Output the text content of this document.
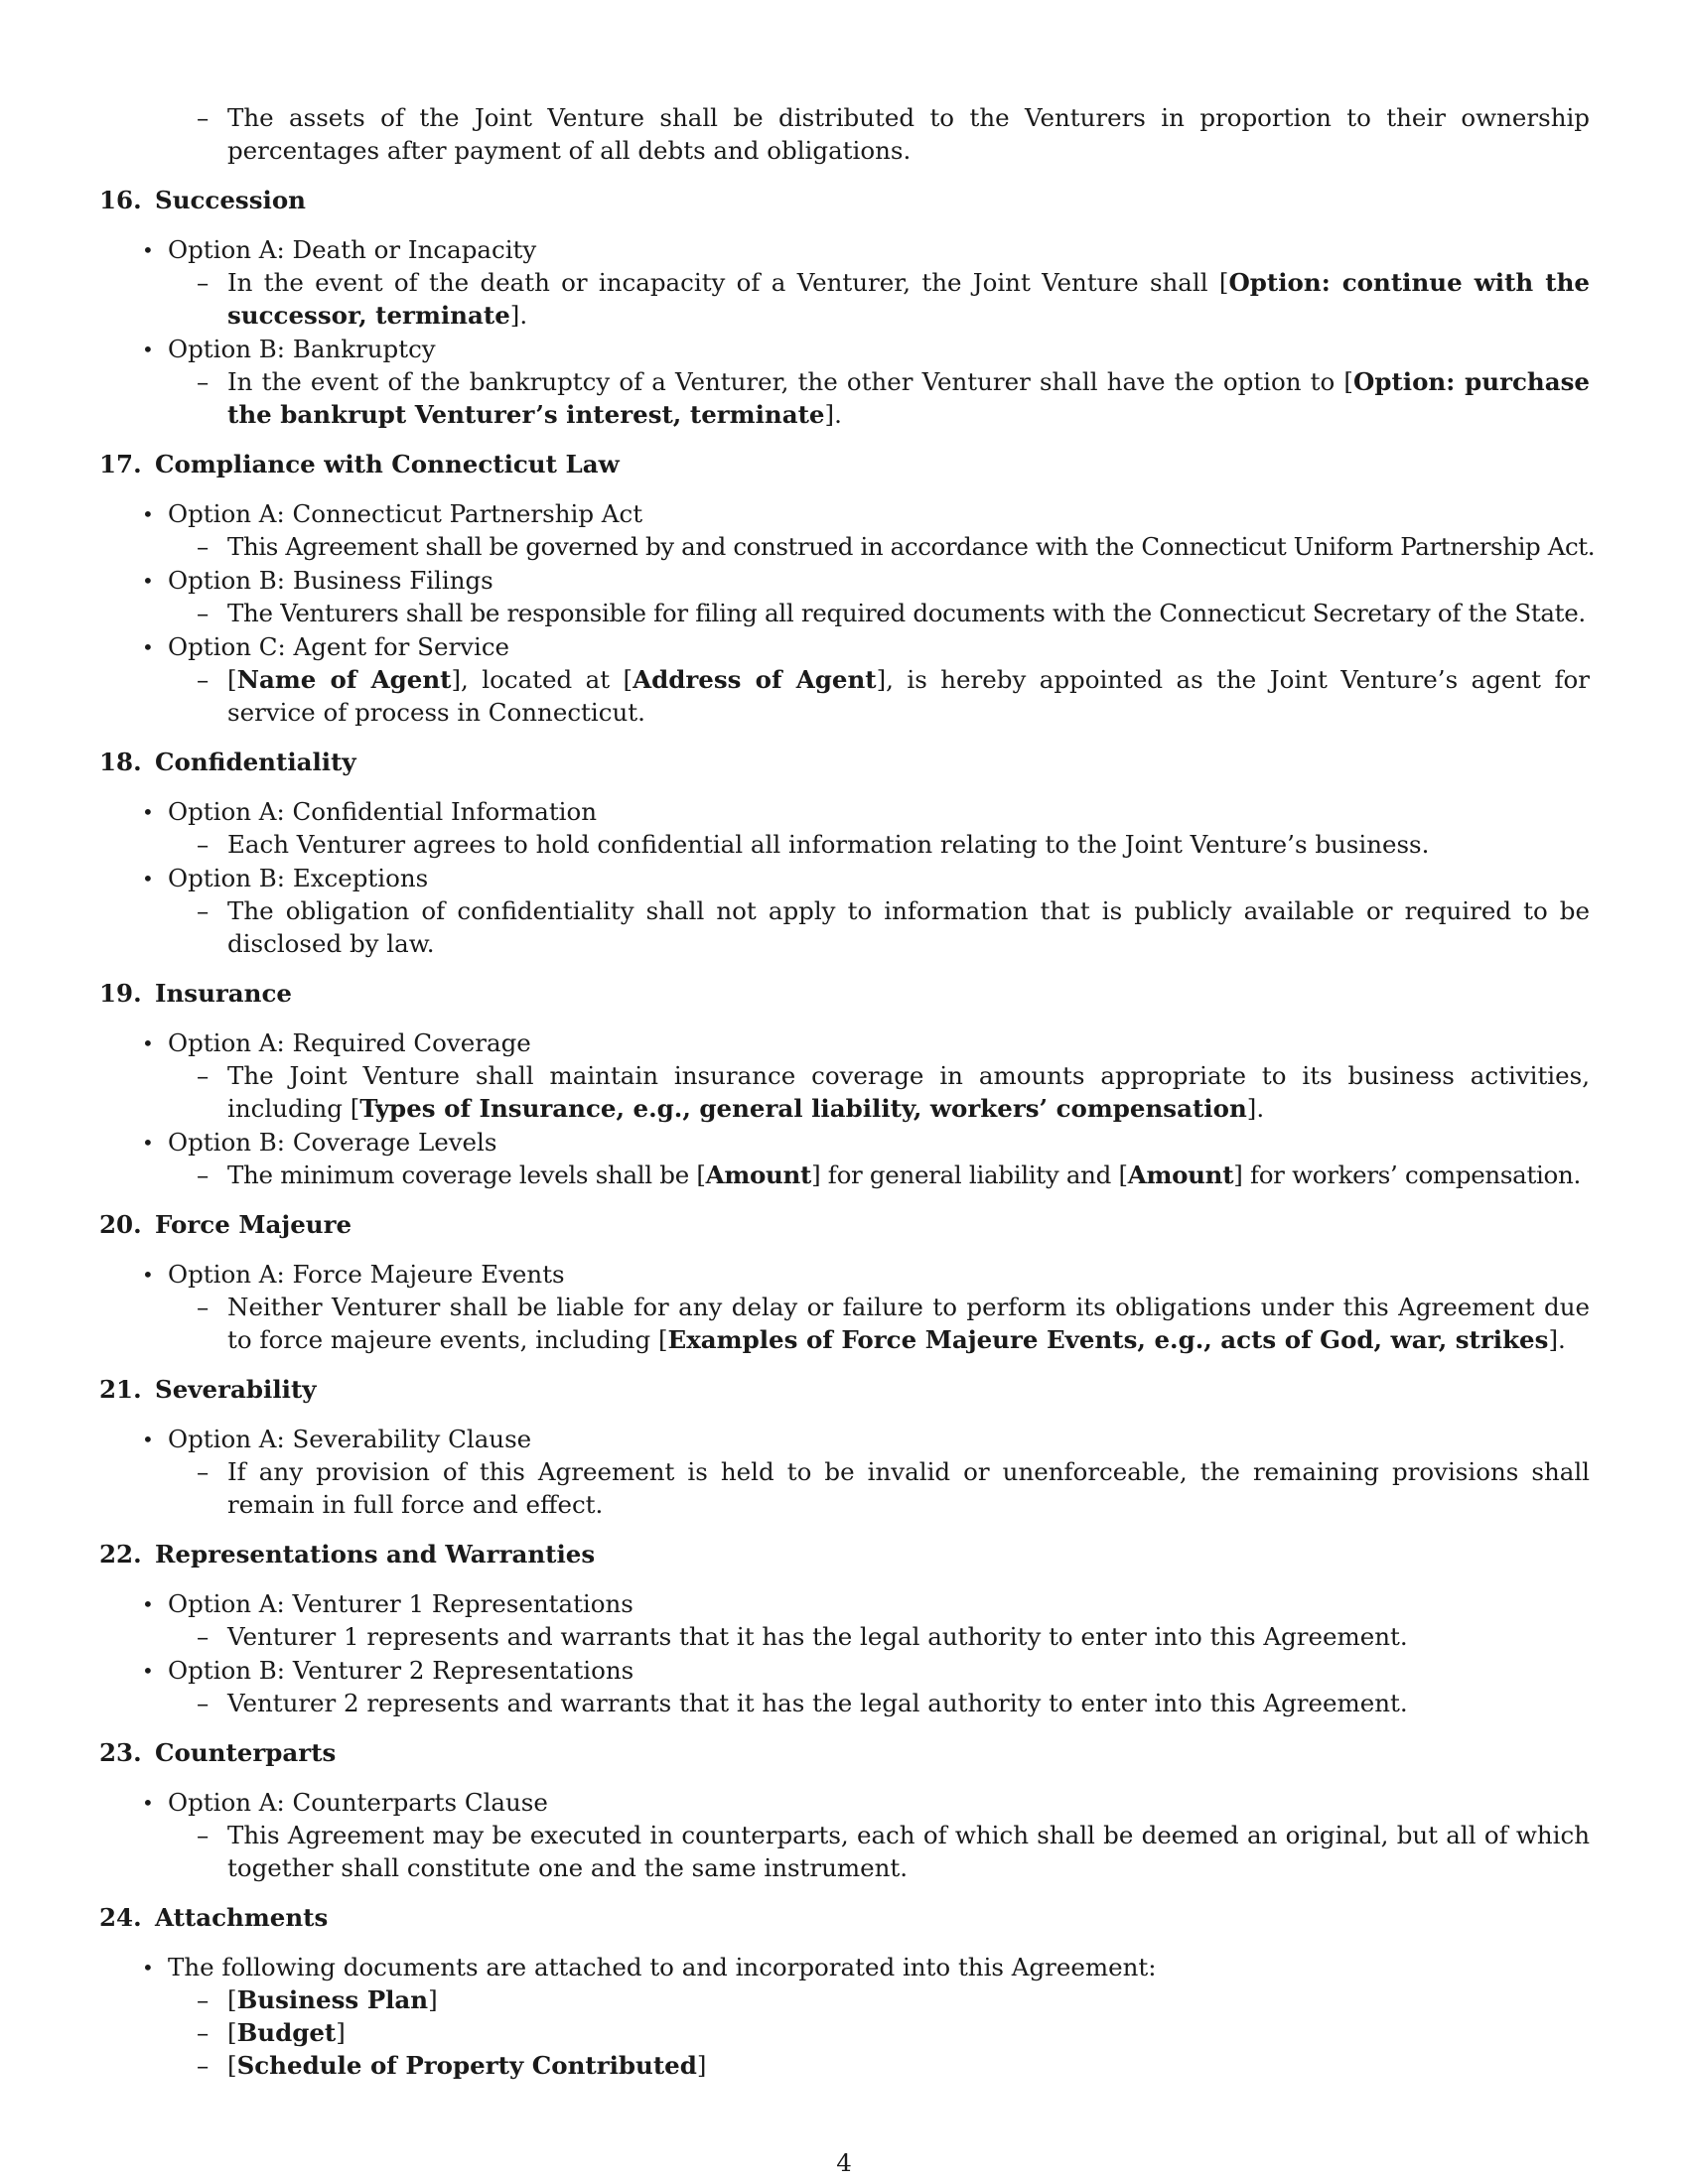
– The assets of the Joint Venture shall be distributed to the Venturers in proportion to their ownership percentages after payment of all debts and obligations.
16. Succession
• Option A: Death or Incapacity
– In the event of the death or incapacity of a Venturer, the Joint Venture shall [Option: continue with the successor, terminate].
• Option B: Bankruptcy
– In the event of the bankruptcy of a Venturer, the other Venturer shall have the option to [Option: purchase the bankrupt Venturer’s interest, terminate].
17. Compliance with Connecticut Law
• Option A: Connecticut Partnership Act
– This Agreement shall be governed by and construed in accordance with the Connecticut Uniform Partnership Act.
• Option B: Business Filings
– The Venturers shall be responsible for filing all required documents with the Connecticut Secretary of the State.
• Option C: Agent for Service
– [Name of Agent], located at [Address of Agent], is hereby appointed as the Joint Venture’s agent for service of process in Connecticut.
18. Confidentiality
• Option A: Confidential Information
– Each Venturer agrees to hold confidential all information relating to the Joint Venture’s business.
• Option B: Exceptions
– The obligation of confidentiality shall not apply to information that is publicly available or required to be disclosed by law.
19. Insurance
• Option A: Required Coverage
– The Joint Venture shall maintain insurance coverage in amounts appropriate to its business activities, including [Types of Insurance, e.g., general liability, workers’ compensation].
• Option B: Coverage Levels
– The minimum coverage levels shall be [Amount] for general liability and [Amount] for workers’ compensation.
20. Force Majeure
• Option A: Force Majeure Events
– Neither Venturer shall be liable for any delay or failure to perform its obligations under this Agreement due to force majeure events, including [Examples of Force Majeure Events, e.g., acts of God, war, strikes].
21. Severability
• Option A: Severability Clause
– If any provision of this Agreement is held to be invalid or unenforceable, the remaining provisions shall remain in full force and effect.
22. Representations and Warranties
• Option A: Venturer 1 Representations
– Venturer 1 represents and warrants that it has the legal authority to enter into this Agreement.
• Option B: Venturer 2 Representations
– Venturer 2 represents and warrants that it has the legal authority to enter into this Agreement.
23. Counterparts
• Option A: Counterparts Clause
– This Agreement may be executed in counterparts, each of which shall be deemed an original, but all of which together shall constitute one and the same instrument.
24. Attachments
• The following documents are attached to and incorporated into this Agreement:
– [Business Plan]
– [Budget]
– [Schedule of Property Contributed]
4
